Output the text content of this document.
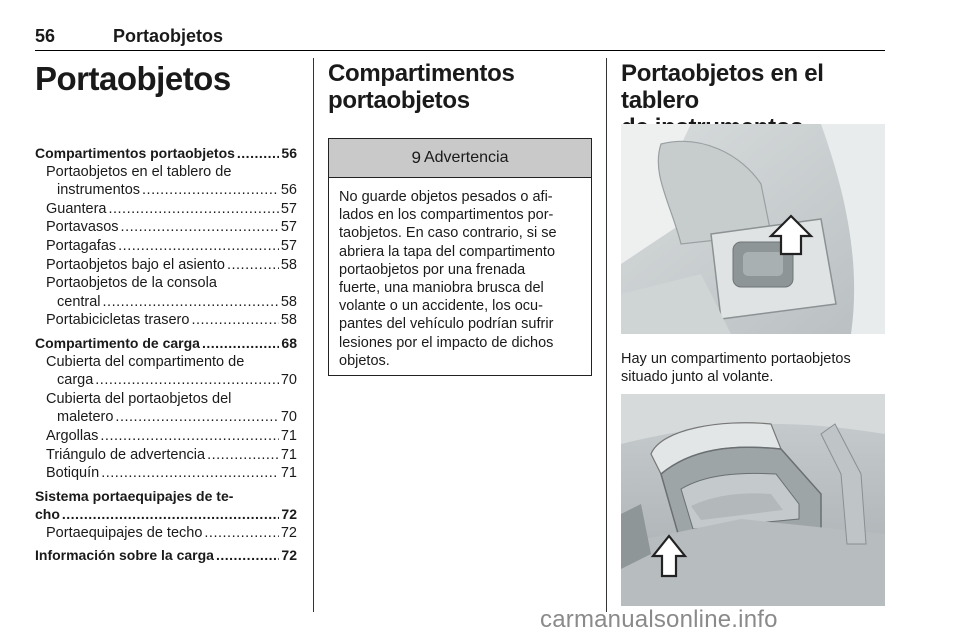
56	Portaobjetos
Portaobjetos
Compartimentos portaobjetos .....	56
Portaobjetos en el tablero de
instrumentos .....	56
Guantera .....	57
Portavasos .....	57
Portagafas .....	57
Portaobjetos bajo el asiento .....	58
Portaobjetos de la consola
central .....	58
Portabicicletas trasero .....	58
Compartimento de carga .....	68
Cubierta del compartimento de
carga .....	70
Cubierta del portaobjetos del
maletero .....	70
Argollas .....	71
Triángulo de advertencia .....	71
Botiquín .....	71
Sistema portaequipajes de te-
cho .....	72
Portaequipajes de techo .....	72
Información sobre la carga .....	72
Compartimentos
portaobjetos
9 Advertencia
No guarde objetos pesados o afi-
lados en los compartimentos por-
taobjetos. En caso contrario, si se
abriera la tapa del compartimento
portaobjetos por una frenada
fuerte, una maniobra brusca del
volante o un accidente, los ocu-
pantes del vehículo podrían sufrir
lesiones por el impacto de dichos
objetos.
Portaobjetos en el tablero

Hay un compartimento portaobjetos
situado junto al volante.
carmanualsonline.info
